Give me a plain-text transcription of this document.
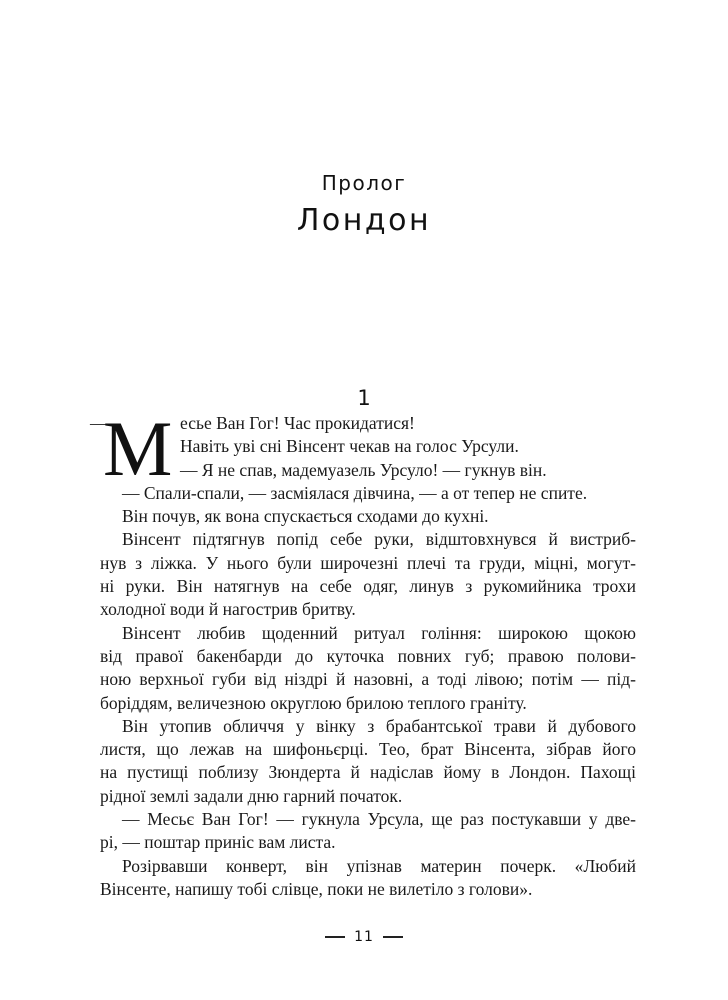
Пролог
Лондон
1
—
М есье Ван Гог! Час прокидатися!
Навіть уві сні Вінсент чекав на голос Урсули.
— Я не спав, мадемуазель Урсуло! — гукнув він.
— Спали-спали, — засміялася дівчина, — а от тепер не спите.
Він почув, як вона спускається сходами до кухні.
Вінсент підтягнув попід себе руки, відштовхнувся й вистриб-
нув з ліжка. У нього були широчезні плечі та груди, міцні, могут-
ні руки. Він натягнув на себе одяг, линув з рукомийника трохи
холодної води й нагострив бритву.
Вінсент любив щоденний ритуал гоління: широкою щокою
від правої бакенбарди до куточка повних губ; правою полови-
ною верхньої губи від ніздрі й назовні, а тоді лівою; потім — під-
боріддям, величезною округлою брилою теплого граніту.
Він утопив обличчя у вінку з брабантської трави й дубового
листя, що лежав на шифоньєрці. Тео, брат Вінсента, зібрав його
на пустищі поблизу Зюндерта й надіслав йому в Лондон. Пахощі
рідної землі задали дню гарний початок.
— Месьє Ван Гог! — гукнула Урсула, ще раз постукавши у две-
рі, — поштар приніс вам листа.
Розірвавши конверт, він упізнав материн почерк. «Любий
Вінсенте, напишу тобі слівце, поки не вилетіло з голови».
11
